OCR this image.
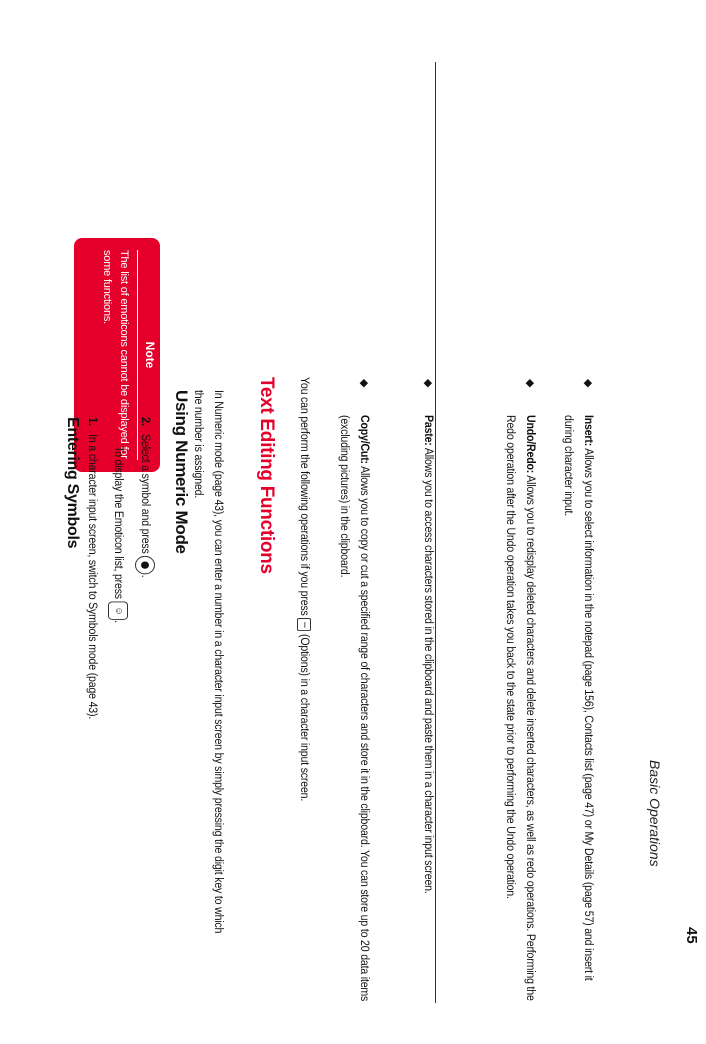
45
Basic Operations
Note
The list of emoticons cannot be displayed for some functions.
Entering Symbols 1. In a character input screen, switch to Symbols mode (page 43).	To display the Emoticon list, press ☺.
2. Select a symbol and press .
Using Numeric Mode	In Numeric mode (page 43), you can enter a number in a character input screen by simply pressing the digit key to which the number is assigned.	Text Editing Functions	You can perform the following operations if you press – (Options) in a character input screen.

◆
Copy/Cut: Allows you to copy or cut a specified range of characters and store it in the clipboard. You can store up to 20 data items (excluding pictures) in the clipboard.
◆
Paste: Allows you to access characters stored in the clipboard and paste them in a character input screen.
◆
Undo/Redo: Allows you to redisplay deleted characters and delete inserted characters, as well as redo operations. Performing the Redo operation after the Undo operation takes you back to the state prior to performing the Undo operation.
◆
Insert: Allows you to select information in the notepad (page 156), Contacts list (page 47) or My Details (page 57) and insert it during character input.
